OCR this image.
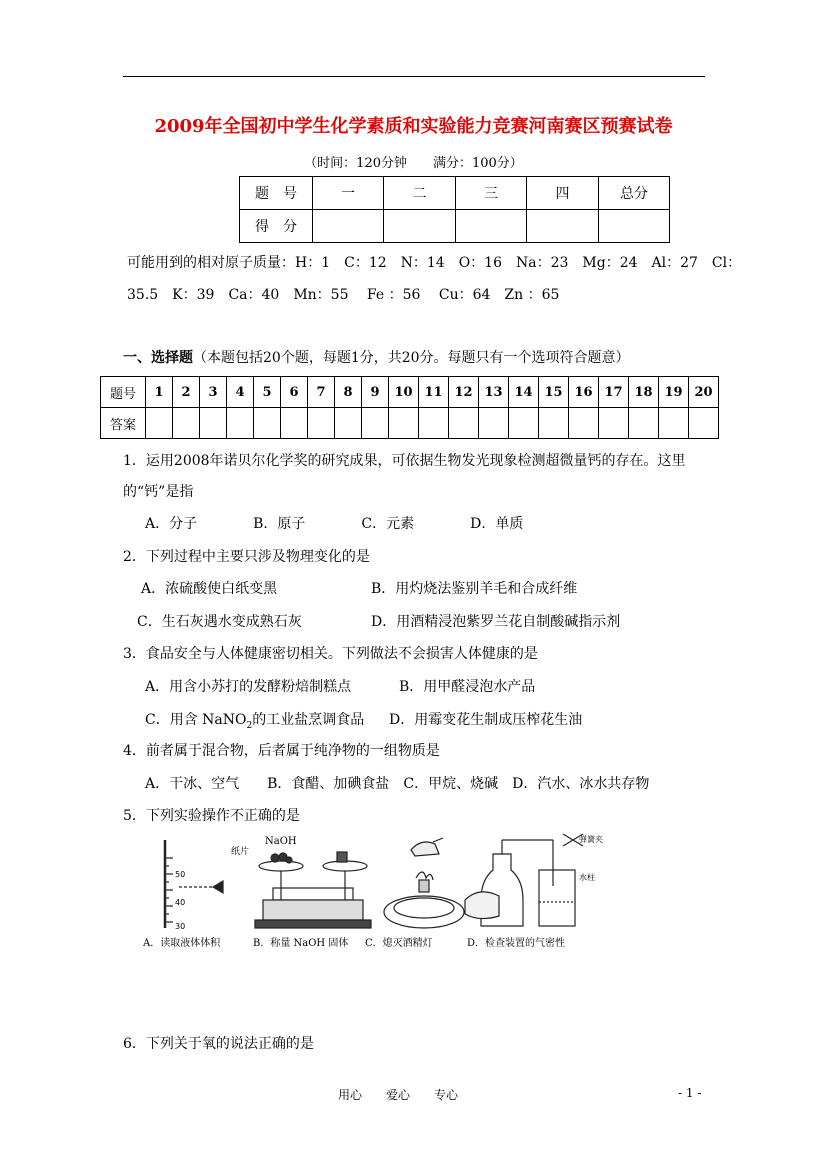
2009年全国初中学生化学素质和实验能力竞赛河南赛区预赛试卷
（时间：120分钟　　满分：100分）
题　号	一	二	三	四	总分
得　分					
可能用到的相对原子质量：H：1　C：12　N：14　O：16　Na：23　Mg：24　Al：27　Cl：
35.5　K：39　Ca：40　Mn：55　 Fe ：56　 Cu：64　Zn ：65
一、选择题（本题包括20个题，每题1分，共20分。每题只有一个选项符合题意）
题号	1	2	3	4	5	6	7	8	9	10	11	12	13	14	15	16	17	18	19	20
答案																				
1．运用2008年诺贝尔化学奖的研究成果，可依据生物发光现象检测超微量钙的存在。这里
的“钙”是指
A．分子　　　　B．原子　　　　C．元素　　　　D．单质
2．下列过程中主要只涉及物理变化的是
A．浓硫酸使白纸变黑	B．用灼烧法鉴别羊毛和合成纤维
C．生石灰遇水变成熟石灰	D．用酒精浸泡紫罗兰花自制酸碱指示剂
3．食品安全与人体健康密切相关。下列做法不会损害人体健康的是
A．用含小苏打的发酵粉焙制糕点	B．用甲醛浸泡水产品
C．用含 NaNO$_2$的工业盐烹调食品 D．用霉变花生制成压榨花生油
4．前者属于混合物，后者属于纯净物的一组物质是
A．干冰、空气　　B．食醋、加碘食盐　C．甲烷、烧碱　D．汽水、冰水共存物
5．下列实验操作不正确的是
50
40
30
NaOH
纸片
弹簧夹
水柱
A．读取液体体积	B．称量 NaOH 固体 C．熄灭酒精灯	D．检查装置的气密性
6．下列关于氧的说法正确的是
用心　　爱心　　专心	- 1 -
